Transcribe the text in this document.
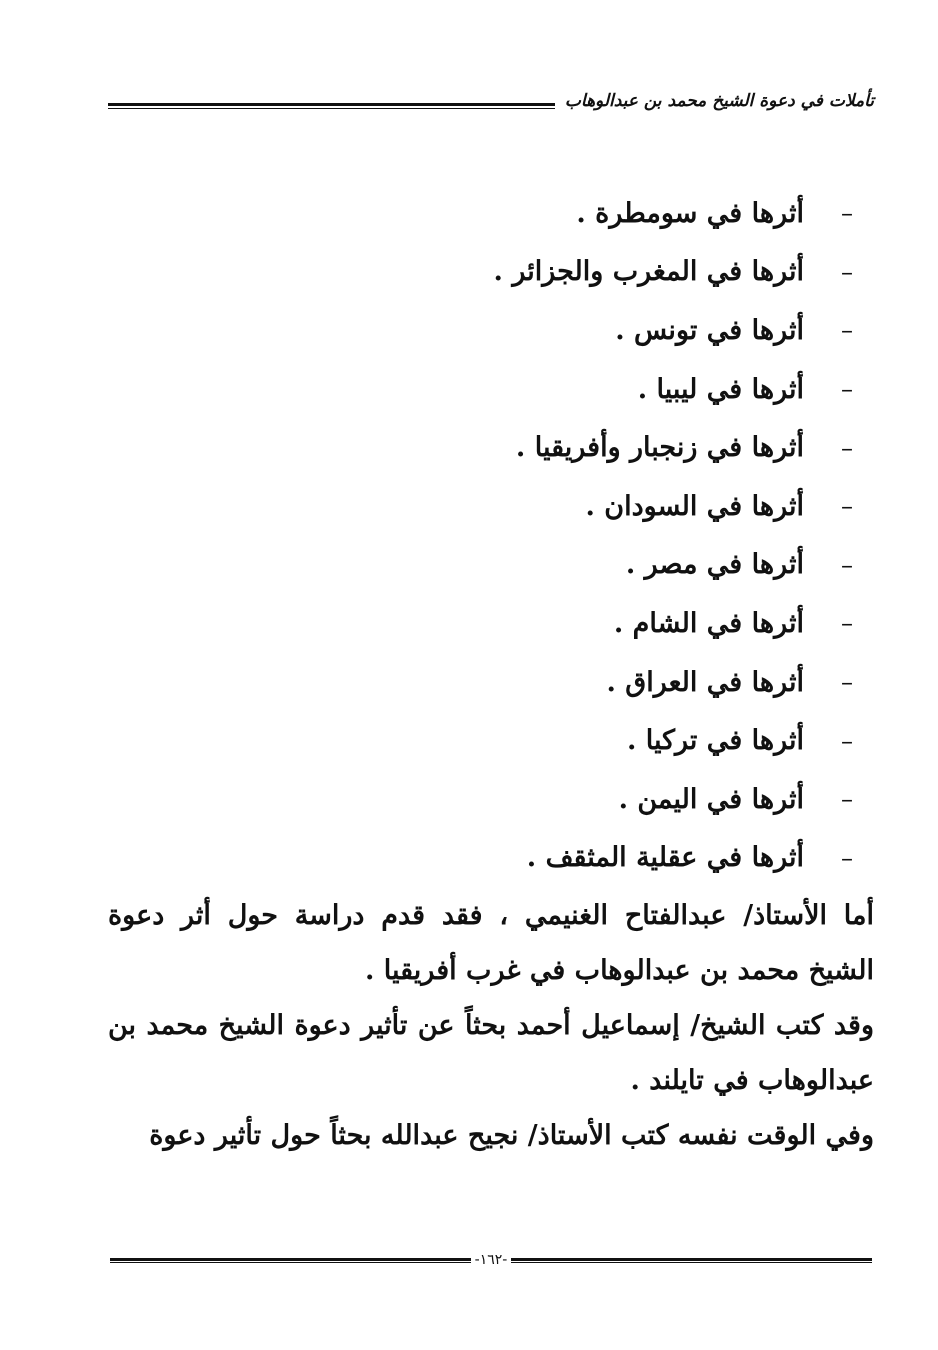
تأملات في دعوة الشيخ محمد بن عبدالوهاب
–
أثرها في سومطرة .
–
أثرها في المغرب والجزائر .
–
أثرها في تونس .
–
أثرها في ليبيا .
–
أثرها في زنجبار وأفريقيا .
–
أثرها في السودان .
–
أثرها في مصر .
–
أثرها في الشام .
–
أثرها في العراق .
–
أثرها في تركيا .
–
أثرها في اليمن .
–
أثرها في عقلية المثقف .

أما الأستاذ/ عبدالفتاح الغنيمي ، فقد قدم دراسة حول أثر دعوة الشيخ محمد بن عبدالوهاب في غرب أفريقيا .

وقد كتب الشيخ/ إسماعيل أحمد بحثاً عن تأثير دعوة الشيخ محمد بن عبدالوهاب في تايلند .

وفي الوقت نفسه كتب الأستاذ/ نجيح عبدالله بحثاً حول تأثير دعوة

-١٦٢-
